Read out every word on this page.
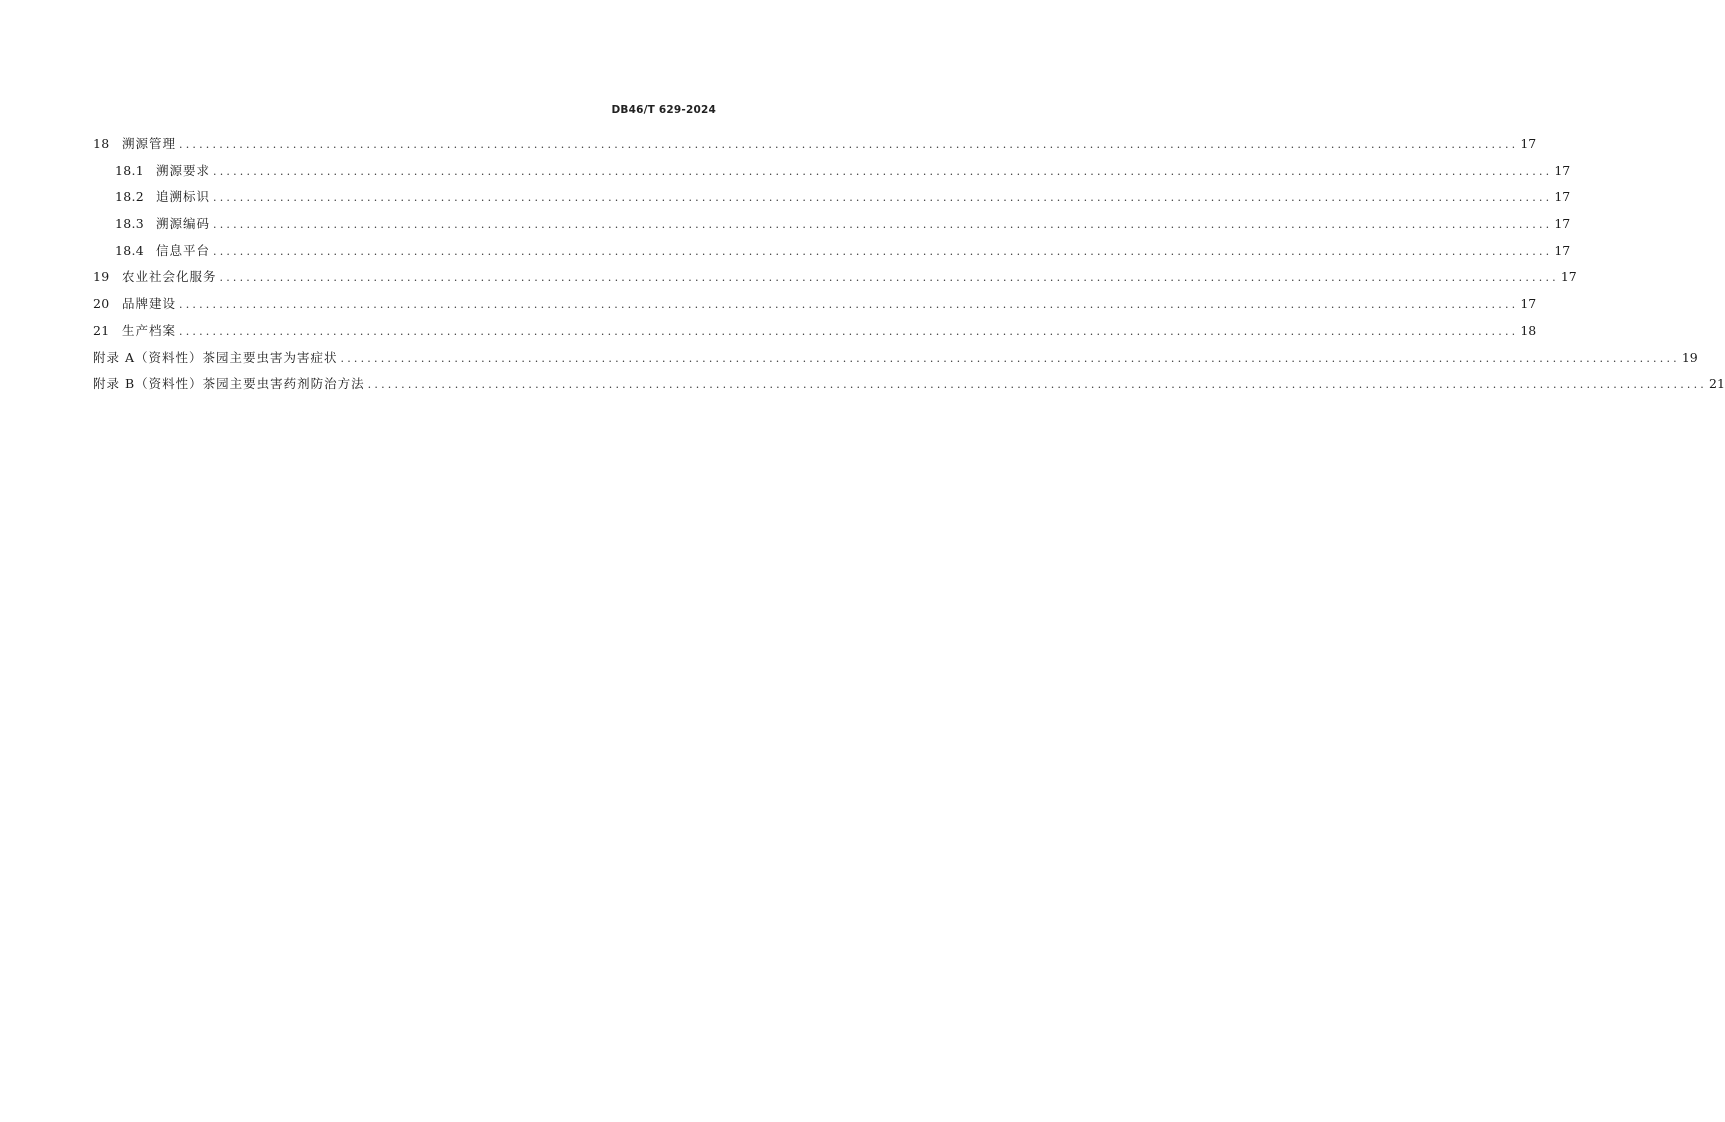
DB46/T 629-2024
18 溯源管理 ........................................................................................................................................................................................................ 17
18.1 溯源要求 ........................................................................................................................................................................................................ 17
18.2 追溯标识 ........................................................................................................................................................................................................ 17
18.3 溯源编码 ........................................................................................................................................................................................................ 17
18.4 信息平台 ........................................................................................................................................................................................................ 17
19 农业社会化服务 ........................................................................................................................................................................................................ 17
20 品牌建设 ........................................................................................................................................................................................................ 17
21 生产档案 ........................................................................................................................................................................................................ 18
附录 A（资料性）茶园主要虫害为害症状 ........................................................................................................................................................................................................ 19
附录 B（资料性）茶园主要虫害药剂防治方法 ........................................................................................................................................................................................................ 21
